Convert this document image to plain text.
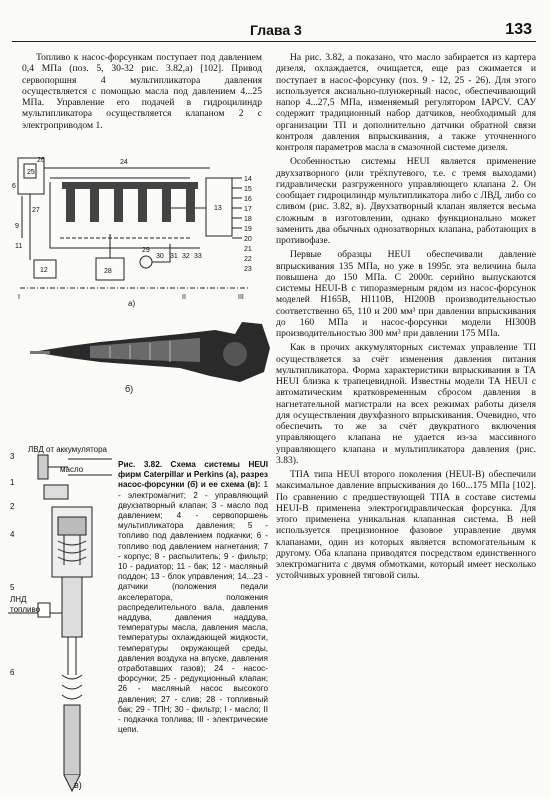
Глава 3	133

Топливо к насос-форсункам поступает под давлением 0,4 МПа (поз. 5, 30-32 рис. 3.82,а) [102]. Привод сервопоршня 4 мультипликатора давления осуществляется с помощью масла под давлением 4...25 МПа. Управление его подачей в гидроцилиндр мультипликатора осуществляется клапаном 2 с электроприводом 1.

24
26
25
6
27
9
11
12
13
14
15
16
17
18
19
20
28
29
30 31 32 33
21
22
23
I	II	III
а)
б)
3
1
2
4
5
6
ЛВД от аккумулятора
масло
ЛНД
топливо
в)
Рис. 3.82. Схема системы HEUI фирм Caterpillar и Perkins (а), разрез насос-форсунки (б) и ее схема (в): 1 - электромагнит; 2 - управляющий двухзатворный клапан; 3 - масло под давлением; 4 - сервопоршень мультипликатора давления; 5 - топливо под давлением подкачки; 6 - топливо под давлением нагнетания; 7 - корпус; 8 - распылитель; 9 - фильтр; 10 - радиатор; 11 - бак; 12 - масляный поддон; 13 - блок управления; 14...23 - датчики (положения педали акселератора, положения распределительного вала, давления наддува, давления наддува, температуры масла, давления масла, температуры охлаждающей жидкости, температуры окружающей среды, давления воздуха на впуске, давления отработавших газов); 24 - насос-форсунки; 25 - редукционный клапан; 26 - масляный насос высокого давления; 27 - слив; 28 - топливный бак; 29 - ТПН; 30 - фильтр; I - масло; II - подкачка топлива; III - электрические цепи.

На рис. 3.82, а показано, что масло забирается из картера дизеля, охлаждается, очищается, еще раз сжимается и поступает в насос-форсунку (поз. 9 - 12, 25 - 26). Для этого используется аксиально-плунжерный насос, обеспечивающий напор 4...27,5 МПа, изменяемый регулятором IAPCV. САУ содержит традиционный набор датчиков, необходимый для организации ТП и дополнительно датчики обратной связи контроля давления впрыскивания, а также уточненного контроля параметров масла в смазочной системе дизеля.

Особенностью системы HEUI является применение двухзатворного (или трёхпутевого, т.е. с тремя выходами) гидравлически разгруженного управляющего клапана 2. Он сообщает гидроцилиндр мультипликатора либо с ЛВД, либо со сливом (рис. 3.82, в). Двухзатворный клапан является весьма сложным в изготовлении, однако функционально может заменить два обычных однозатворных клапана, работающих в противофазе.

Первые образцы HEUI обеспечивали давление впрыскивания 135 МПа, но уже в 1995г. эта величина была повышена до 150 МПа. С 2000г. серийно выпускаются системы HEUI-B с типоразмерным рядом из насос-форсунок моделей H165B, HI110B, HI200B производительностью соответственно 65, 110 и 200 мм³ при давлении впрыскивания до 160 МПа и насос-форсунки модели HI300B производительностью 300 мм³ при давлении 175 МПа.

Как в прочих аккумуляторных системах управление ТП осуществляется за счёт изменения давления питания мультипликатора. Форма характеристики впрыскивания в ТА HEUI близка к трапецевидной. Известны модели ТА HEUI с автоматическим кратковременным сбросом давления в нагнетательной магистрали на всех режимах работы дизеля для осуществления двухфазного впрыскивания. Очевидно, что обеспечить то же за счёт двукратного включения управляющего клапана не удается из-за массивного управляющего клапана и мультипликатора давления (рис. 3.83).

ТПА типа HEUI второго поколения (HEUI-B) обеспечили максимальное давление впрыскивания до 160...175 МПа [102]. По сравнению с предшествующей ТПА в составе системы HEUI-B применена электрогидравлическая форсунка. Для этого применена уникальная клапанная система. В ней используется прецизионное фазовое управление двумя клапанами, один из которых является вспомогательным к другому. Оба клапана приводятся посредством единственного электромагнита с двумя обмотками, который имеет несколько устойчивых уровней тяговой силы.
